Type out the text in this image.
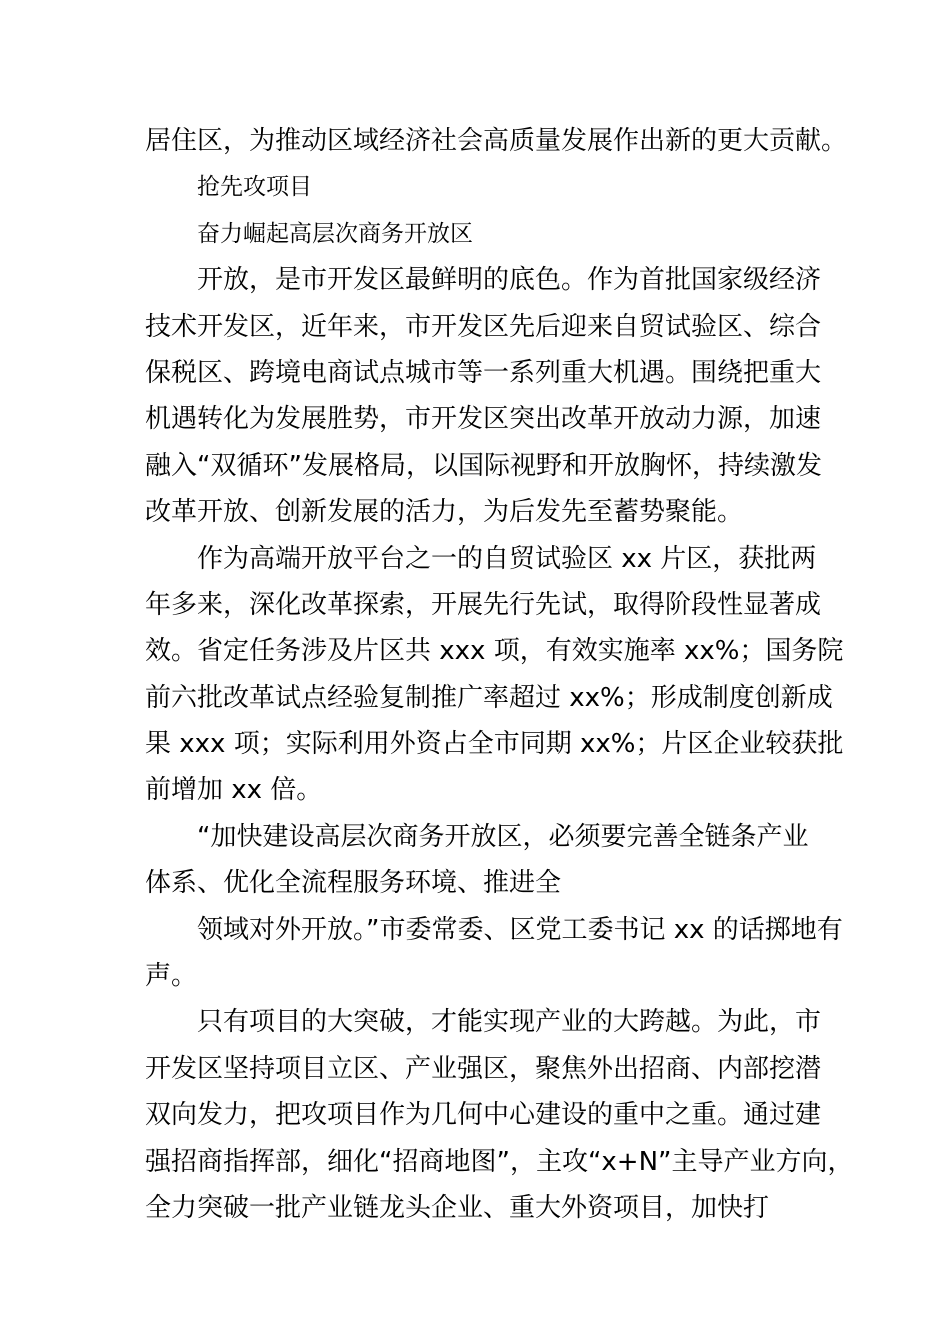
居住区，为推动区域经济社会高质量发展作出新的更大贡献。
抢先攻项目
奋力崛起高层次商务开放区
开放，是市开发区最鲜明的底色。作为首批国家级经济
技术开发区，近年来，市开发区先后迎来自贸试验区、综合
保税区、跨境电商试点城市等一系列重大机遇。围绕把重大
机遇转化为发展胜势，市开发区突出改革开放动力源，加速
融入“双循环”发展格局，以国际视野和开放胸怀，持续激发
改革开放、创新发展的活力，为后发先至蓄势聚能。
作为高端开放平台之一的自贸试验区 xx 片区，获批两
年多来，深化改革探索，开展先行先试，取得阶段性显著成
效。省定任务涉及片区共 xxx 项，有效实施率 xx%；国务院
前六批改革试点经验复制推广率超过 xx%；形成制度创新成
果 xxx 项；实际利用外资占全市同期 xx%；片区企业较获批
前增加 xx 倍。
“加快建设高层次商务开放区，必须要完善全链条产业
体系、优化全流程服务环境、推进全
领域对外开放。”市委常委、区党工委书记 xx 的话掷地有
声。
只有项目的大突破，才能实现产业的大跨越。为此，市
开发区坚持项目立区、产业强区，聚焦外出招商、内部挖潜
双向发力，把攻项目作为几何中心建设的重中之重。通过建
强招商指挥部，细化“招商地图”，主攻“x+N”主导产业方向，
全力突破一批产业链龙头企业、重大外资项目，加快打
